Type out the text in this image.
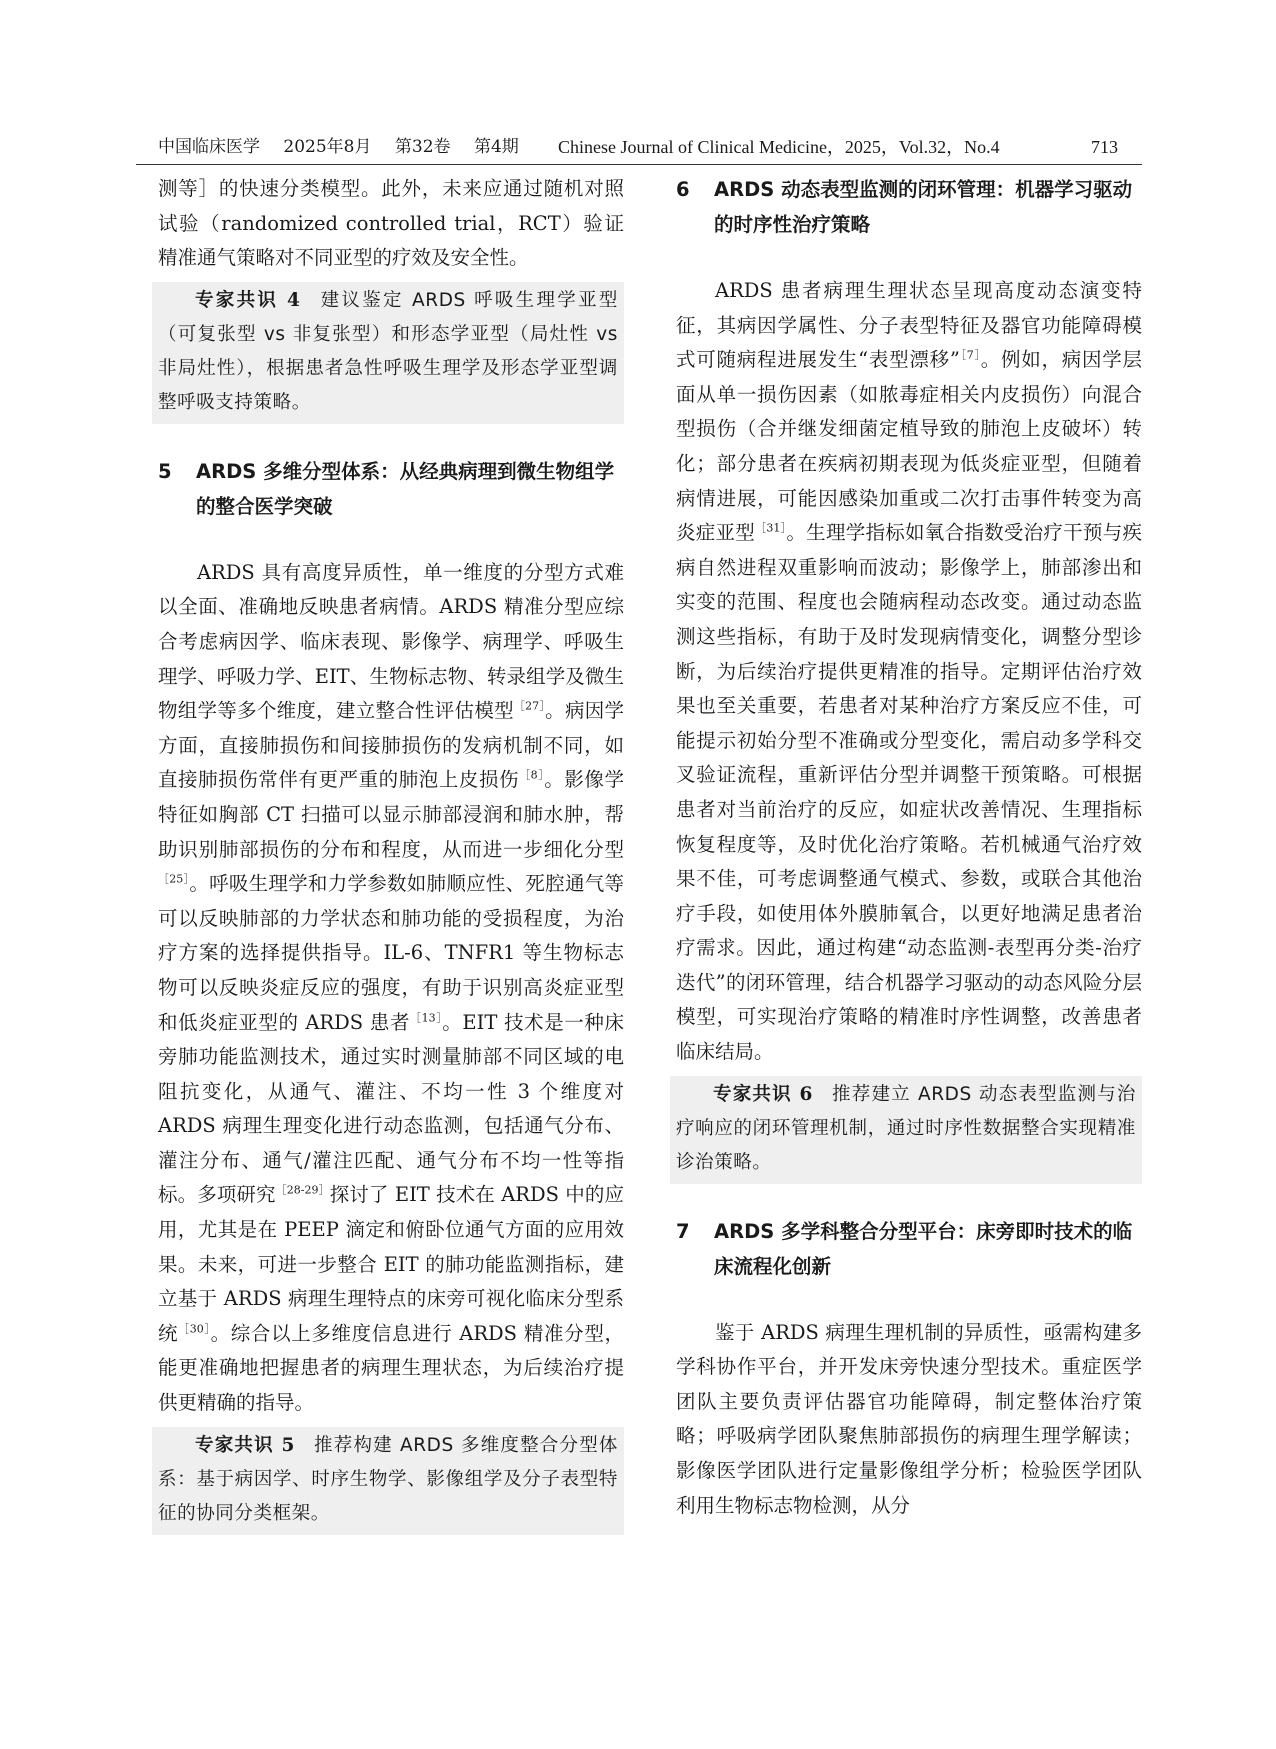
中国临床医学 2025年8月 第32卷 第4期	Chinese Journal of Clinical Medicine，2025，Vol.32，No.4	713

测等］的快速分类模型。此外，未来应通过随机对照试验（randomized controlled trial，RCT）验证精准通气策略对不同亚型的疗效及安全性。

专家共识 4 建议鉴定 ARDS 呼吸生理学亚型（可复张型 vs 非复张型）和形态学亚型（局灶性 vs 非局灶性），根据患者急性呼吸生理学及形态学亚型调整呼吸支持策略。
5	ARDS 多维分型体系：从经典病理到微生物组学的整合医学突破

ARDS 具有高度异质性，单一维度的分型方式难以全面、准确地反映患者病情。ARDS 精准分型应综合考虑病因学、临床表现、影像学、病理学、呼吸生理学、呼吸力学、EIT、生物标志物、转录组学及微生物组学等多个维度，建立整合性评估模型$^{[27]}$。病因学方面，直接肺损伤和间接肺损伤的发病机制不同，如直接肺损伤常伴有更严重的肺泡上皮损伤$^{[8]}$。影像学特征如胸部 CT 扫描可以显示肺部浸润和肺水肿，帮助识别肺部损伤的分布和程度，从而进一步细化分型$^{[25]}$。呼吸生理学和力学参数如肺顺应性、死腔通气等可以反映肺部的力学状态和肺功能的受损程度，为治疗方案的选择提供指导。IL-6、TNFR1 等生物标志物可以反映炎症反应的强度，有助于识别高炎症亚型和低炎症亚型的 ARDS 患者$^{[13]}$。EIT 技术是一种床旁肺功能监测技术，通过实时测量肺部不同区域的电阻抗变化，从通气、灌注、不均一性 3 个维度对 ARDS 病理生理变化进行动态监测，包括通气分布、灌注分布、通气/灌注匹配、通气分布不均一性等指标。多项研究$^{[28-29]}$探讨了 EIT 技术在 ARDS 中的应用，尤其是在 PEEP 滴定和俯卧位通气方面的应用效果。未来，可进一步整合 EIT 的肺功能监测指标，建立基于 ARDS 病理生理特点的床旁可视化临床分型系统$^{[30]}$。综合以上多维度信息进行 ARDS 精准分型，能更准确地把握患者的病理生理状态，为后续治疗提供更精确的指导。

专家共识 5 推荐构建 ARDS 多维度整合分型体系：基于病因学、时序生物学、影像组学及分子表型特征的协同分类框架。
6	ARDS 动态表型监测的闭环管理：机器学习驱动的时序性治疗策略

ARDS 患者病理生理状态呈现高度动态演变特征，其病因学属性、分子表型特征及器官功能障碍模式可随病程进展发生“表型漂移”$^{[7]}$。例如，病因学层面从单一损伤因素（如脓毒症相关内皮损伤）向混合型损伤（合并继发细菌定植导致的肺泡上皮破坏）转化；部分患者在疾病初期表现为低炎症亚型，但随着病情进展，可能因感染加重或二次打击事件转变为高炎症亚型$^{[31]}$。生理学指标如氧合指数受治疗干预与疾病自然进程双重影响而波动；影像学上，肺部渗出和实变的范围、程度也会随病程动态改变。通过动态监测这些指标，有助于及时发现病情变化，调整分型诊断，为后续治疗提供更精准的指导。定期评估治疗效果也至关重要，若患者对某种治疗方案反应不佳，可能提示初始分型不准确或分型变化，需启动多学科交叉验证流程，重新评估分型并调整干预策略。可根据患者对当前治疗的反应，如症状改善情况、生理指标恢复程度等，及时优化治疗策略。若机械通气治疗效果不佳，可考虑调整通气模式、参数，或联合其他治疗手段，如使用体外膜肺氧合，以更好地满足患者治疗需求。因此，通过构建“动态监测-表型再分类-治疗迭代”的闭环管理，结合机器学习驱动的动态风险分层模型，可实现治疗策略的精准时序性调整，改善患者临床结局。

专家共识 6 推荐建立 ARDS 动态表型监测与治疗响应的闭环管理机制，通过时序性数据整合实现精准诊治策略。
7	ARDS 多学科整合分型平台：床旁即时技术的临床流程化创新

鉴于 ARDS 病理生理机制的异质性，亟需构建多学科协作平台，并开发床旁快速分型技术。重症医学团队主要负责评估器官功能障碍，制定整体治疗策略；呼吸病学团队聚焦肺部损伤的病理生理学解读；影像医学团队进行定量影像组学分析；检验医学团队利用生物标志物检测，从分
